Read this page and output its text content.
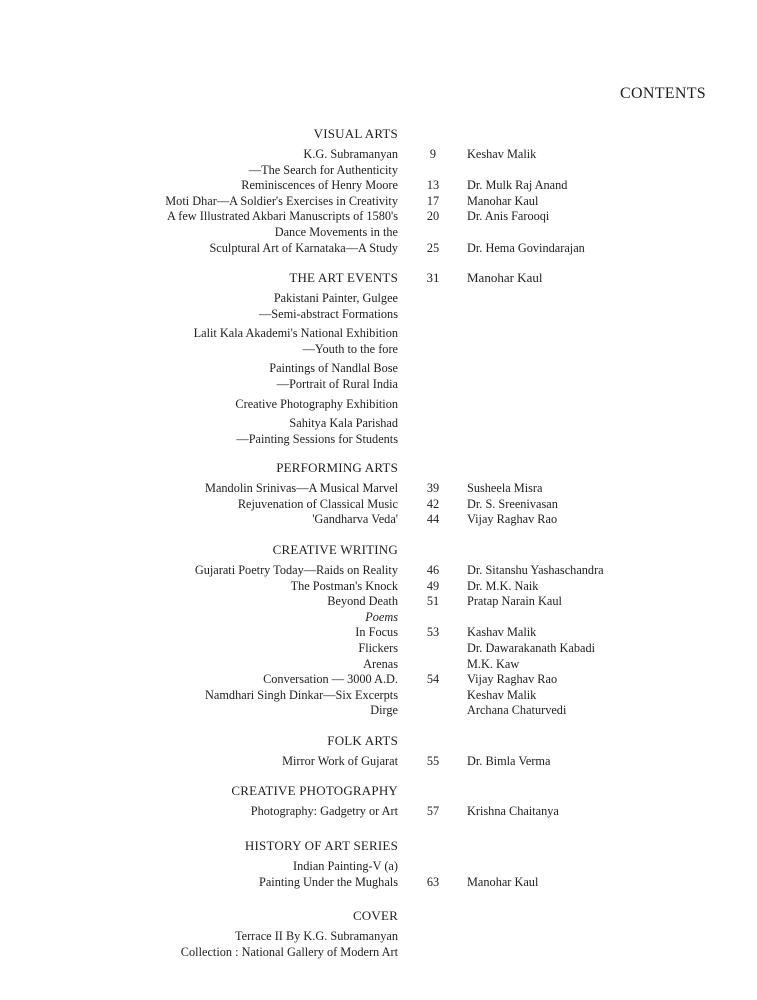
CONTENTS
VISUAL ARTS
K.G. Subramanyan	9	Keshav Malik
—The Search for Authenticity
Reminiscences of Henry Moore	13	Dr. Mulk Raj Anand
Moti Dhar—A Soldier's Exercises in Creativity	17	Manohar Kaul
A few Illustrated Akbari Manuscripts of 1580's	20	Dr. Anis Farooqi
Dance Movements in the
Sculptural Art of Karnataka—A Study	25	Dr. Hema Govindarajan
THE ART EVENTS	31	Manohar Kaul
Pakistani Painter, Gulgee
—Semi-abstract Formations
Lalit Kala Akademi's National Exhibition
—Youth to the fore
Paintings of Nandlal Bose
—Portrait of Rural India
Creative Photography Exhibition
Sahitya Kala Parishad
—Painting Sessions for Students
PERFORMING ARTS
Mandolin Srinivas—A Musical Marvel	39	Susheela Misra
Rejuvenation of Classical Music	42	Dr. S. Sreenivasan
'Gandharva Veda'	44	Vijay Raghav Rao
CREATIVE WRITING
Gujarati Poetry Today—Raids on Reality	46	Dr. Sitanshu Yashaschandra
The Postman's Knock	49	Dr. M.K. Naik
Beyond Death	51	Pratap Narain Kaul
Poems
In Focus	53	Kashav Malik
Flickers	Dr. Dawarakanath Kabadi
Arenas	M.K. Kaw
Conversation — 3000 A.D.	54	Vijay Raghav Rao
Namdhari Singh Dinkar—Six Excerpts	Keshav Malik
Dirge	Archana Chaturvedi
FOLK ARTS
Mirror Work of Gujarat	55	Dr. Bimla Verma
CREATIVE PHOTOGRAPHY
Photography: Gadgetry or Art	57	Krishna Chaitanya
HISTORY OF ART SERIES
Indian Painting-V (a)
Painting Under the Mughals	63	Manohar Kaul
COVER
Terrace II By K.G. Subramanyan
Collection : National Gallery of Modern Art
